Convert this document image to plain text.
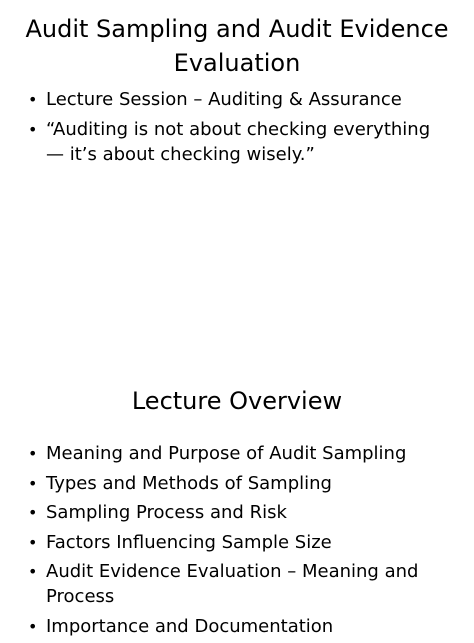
Audit Sampling and Audit Evidence Evaluation
• Lecture Session – Auditing & Assurance
• “Auditing is not about checking everything — it’s about checking wisely.”
Lecture Overview
• Meaning and Purpose of Audit Sampling
• Types and Methods of Sampling
• Sampling Process and Risk
• Factors Influencing Sample Size
• Audit Evidence Evaluation – Meaning and Process
• Importance and Documentation
